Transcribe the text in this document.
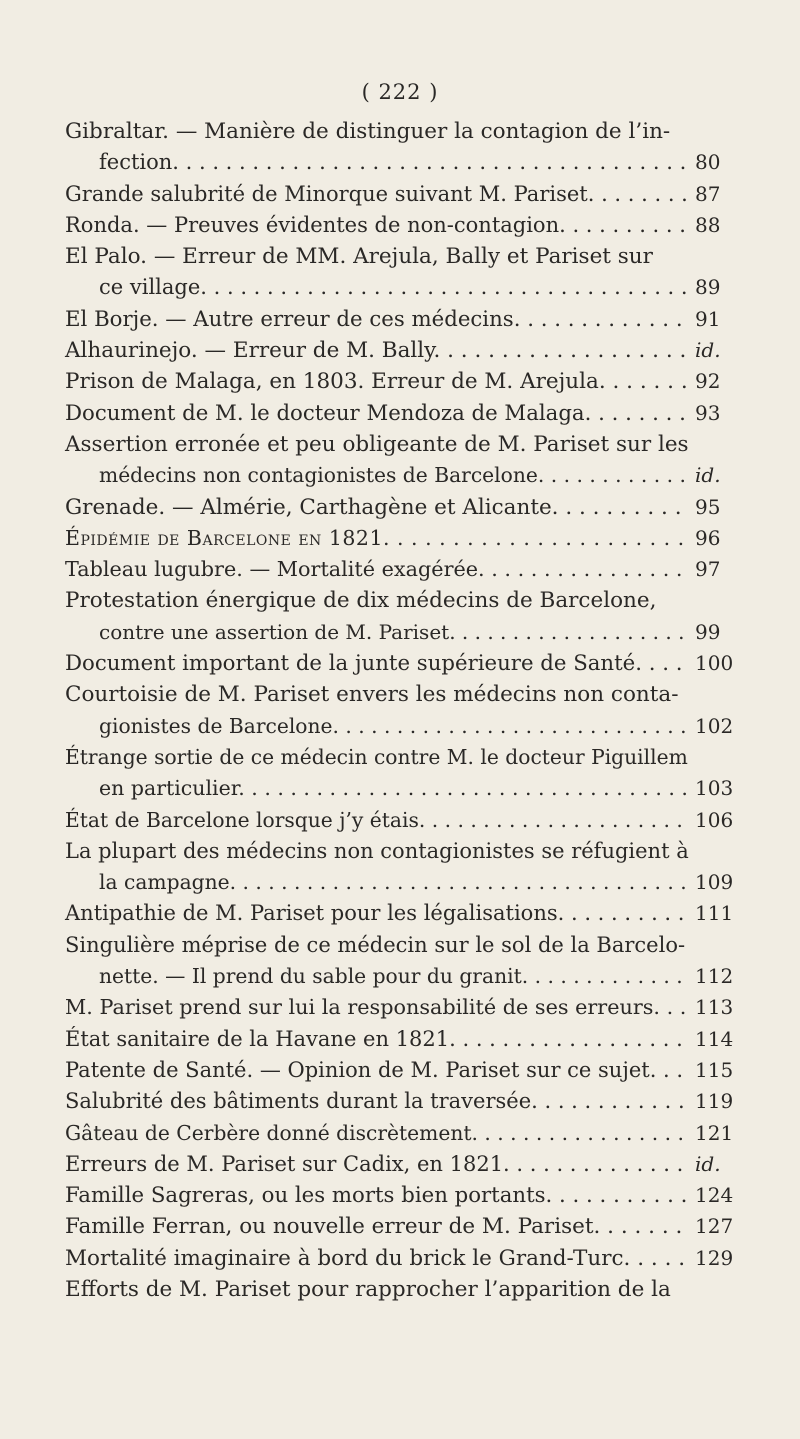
( 222 )
Gibraltar. — Manière de distinguer la contagion de l’in-
fection. . . . . . . . . . . . . . . . . . . . . . . . . . . . . . . . . . . . . . . 80
Grande salubrité de Minorque suivant M. Pariset. . . . . . . . 87
Ronda. — Preuves évidentes de non-contagion. . . . . . . . . . 88
El Palo. — Erreur de MM. Arejula, Bally et Pariset sur
ce village. . . . . . . . . . . . . . . . . . . . . . . . . . . . . . . . . . . . . 89
El Borje. — Autre erreur de ces médecins. . . . . . . . . . . . . 91
Alhaurinejo. — Erreur de M. Bally. . . . . . . . . . . . . . . . . . . id.
Prison de Malaga, en 1803. Erreur de M. Arejula. . . . . . . 92
Document de M. le docteur Mendoza de Malaga. . . . . . . . 93
Assertion erronée et peu obligeante de M. Pariset sur les
médecins non contagionistes de Barcelone. . . . . . . . . . . . id.
Grenade. — Almérie, Carthagène et Alicante. . . . . . . . . . 95
Épidémie de Barcelone en 1821. . . . . . . . . . . . . . . . . . . . . . 96
Tableau lugubre. — Mortalité exagérée. . . . . . . . . . . . . . . . 97
Protestation énergique de dix médecins de Barcelone,
contre une assertion de M. Pariset. . . . . . . . . . . . . . . . . . . 99
Document important de la junte supérieure de Santé. . . . 100
Courtoisie de M. Pariset envers les médecins non conta-
gionistes de Barcelone. . . . . . . . . . . . . . . . . . . . . . . . . . . . 102
Étrange sortie de ce médecin contre M. le docteur Piguillem
en particulier. . . . . . . . . . . . . . . . . . . . . . . . . . . . . . . . . . . 103
État de Barcelone lorsque j’y étais. . . . . . . . . . . . . . . . . . . . . 106
La plupart des médecins non contagionistes se réfugient à
la campagne. . . . . . . . . . . . . . . . . . . . . . . . . . . . . . . . . . . . 109
Antipathie de M. Pariset pour les légalisations. . . . . . . . . . 111
Singulière méprise de ce médecin sur le sol de la Barcelo-
nette. — Il prend du sable pour du granit. . . . . . . . . . . . . 112
M. Pariset prend sur lui la responsabilité de ses erreurs. . . 113
État sanitaire de la Havane en 1821. . . . . . . . . . . . . . . . . . 114
Patente de Santé. — Opinion de M. Pariset sur ce sujet. . . 115
Salubrité des bâtiments durant la traversée. . . . . . . . . . . . 119
Gâteau de Cerbère donné discrètement. . . . . . . . . . . . . . . . . 121
Erreurs de M. Pariset sur Cadix, en 1821. . . . . . . . . . . . . . id.
Famille Sagreras, ou les morts bien portants. . . . . . . . . . . 124
Famille Ferran, ou nouvelle erreur de M. Pariset. . . . . . . 127
Mortalité imaginaire à bord du brick le Grand-Turc. . . . . 129
Efforts de M. Pariset pour rapprocher l’apparition de la
